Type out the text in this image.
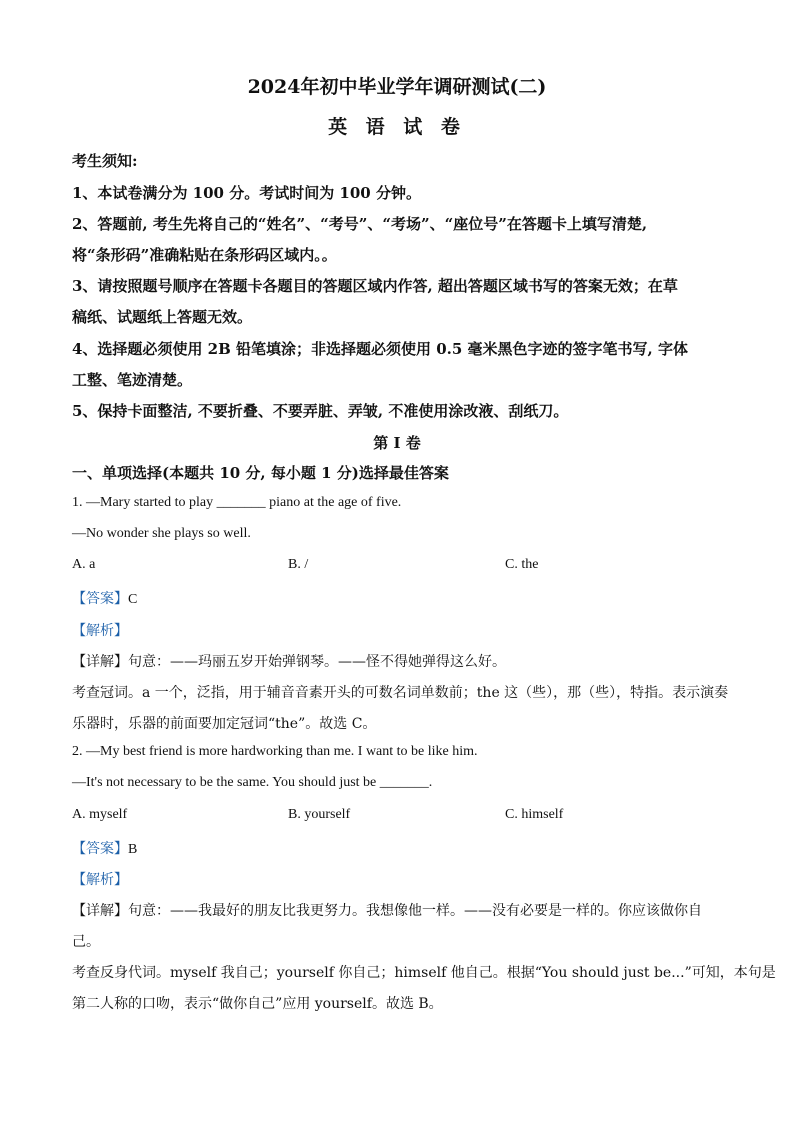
2024年初中毕业学年调研测试(二)
英 语 试 卷
考生须知:
1、本试卷满分为 100 分。考试时间为 100 分钟。
2、答题前, 考生先将自己的“姓名”、“考号”、“考场”、“座位号”在答题卡上填写清楚,
将“条形码”准确粘贴在条形码区域内。。
3、请按照题号顺序在答题卡各题目的答题区域内作答, 超出答题区域书写的答案无效；在草
稿纸、试题纸上答题无效。
4、选择题必须使用 2B 铅笔填涂；非选择题必须使用 0.5 毫米黑色字迹的签字笔书写, 字体
工整、笔迹清楚。
5、保持卡面整洁, 不要折叠、不要弄脏、弄皱, 不准使用涂改液、刮纸刀。
第 I 卷
一、单项选择(本题共 10 分, 每小题 1 分)选择最佳答案
1. —Mary started to play _______ piano at the age of five.
—No wonder she plays so well.
A. a	B. /	C. the
【答案】C
【解析】
【详解】句意：——玛丽五岁开始弹钢琴。——怪不得她弹得这么好。
考查冠词。a 一个，泛指，用于辅音音素开头的可数名词单数前；the 这（些），那（些），特指。表示演奏
乐器时，乐器的前面要加定冠词“the”。故选 C。
2. —My best friend is more hardworking than me. I want to be like him.
—It's not necessary to be the same. You should just be _______.
A. myself	B. yourself	C. himself
【答案】B
【解析】
【详解】句意：——我最好的朋友比我更努力。我想像他一样。——没有必要是一样的。你应该做你自
己。
考查反身代词。myself 我自己；yourself 你自己；himself 他自己。根据“You should just be...”可知，本句是
第二人称的口吻，表示“做你自己”应用 yourself。故选 B。
